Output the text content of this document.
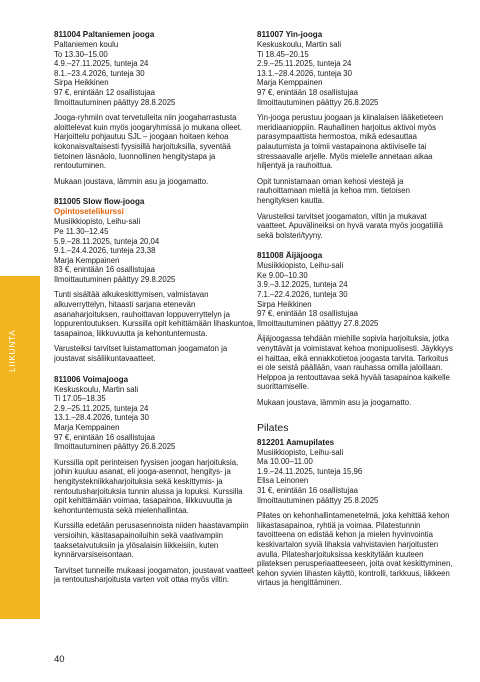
LIIKUNTA
811004 Paltaniemen jooga
Paltaniemen koulu
To 13.30–15.00
4.9.–27.11.2025, tunteja 24
8.1.–23.4.2026, tunteja 30
Sirpa Heikkinen
97 €, enintään 12 osallistujaa
Ilmoittautuminen päättyy 28.8.2025
Jooga-ryhmiin ovat tervetulleita niin joogaharrastusta aloittelevat kuin myös joogaryhmissä jo mukana olleet. Harjoittelu pohjautuu SJL – joogaan hoitaen kehoa kokonaisvaltaisesti fyysisillä harjoituksilla, syventää tietoinen läsnäolo, luonnollinen hengitystapa ja rentoutuminen.
Mukaan joustava, lämmin asu ja joogamatto.
811005 Slow flow-jooga
Opintosetelikurssi
Musiikkiopisto, Leihu-sali
Pe 11.30–12.45
5.9.–28.11.2025, tunteja 20,04
9.1.–24.4.2026, tunteja 23,38
Marja Kemppainen
83 €, enintään 16 osallistujaa
Ilmoittautuminen päättyy 29.8.2025
Tunti sisältää alkukeskittymisen, valmistavan alkuverryttelyn, hitaasti sarjana etenevän asanaharjoituksen, rauhoittavan loppuverryttelyn ja loppurentoutuksen. Kurssilla opit kehittämään lihaskuntoa, tasapainoa, liikkuvuutta ja kehontuntemusta.
Varusteiksi tarvitset luistamattoman joogamaton ja joustavat sisäliikuntavaatteet.
811006 Voimajooga
Keskuskoulu, Martin sali
Ti 17.05–18.35
2.9.–25.11.2025, tunteja 24
13.1.–28.4.2026, tunteja 30
Marja Kemppainen
97 €, enintään 16 osallistujaa
Ilmoittautuminen päättyy 26.8.2025
Kurssilla opit perinteisen fyysisen joogan harjoituksia, joihin kuuluu asanat, eli jooga-asennot, hengitys- ja hengitystekniikkaharjoituksia sekä keskittymis- ja rentoutusharjoituksia tunnin alussa ja lopuksi. Kurssilla opit kehittämään voimaa, tasapainoa, liikkuvuutta ja kehontuntemusta sekä mielenhallintaa.
Kurssilla edetään perusasennoista niiden haastavampiin versioihin, käsitasapainoiluihin sekä vaativampiin taaksetaivutuksiin ja ylösalaisin liikkeisiin, kuten kynnärvarsiseisontaan.
Tarvitset tunneille mukaasi joogamaton, joustavat vaatteet ja rentoutusharjoitusta varten voit ottaa myös viltin.
811007 Yin-jooga
Keskuskoulu, Martin sali
Ti 18.45–20.15
2.9.–25.11.2025, tunteja 24
13.1.–28.4.2026, tunteja 30
Marja Kemppainen
97 €, enintään 18 osallistujaa
Ilmoittautuminen päättyy 26.8.2025
Yin-jooga perustuu joogaan ja kiinalaisen lääketieteen meridiaanioppiin. Rauhallinen harjoitus aktivoi myös parasympaattista hermostoa, mikä edesauttaa palautumista ja toimii vastapainona aktiiviselle tai stressaavalle arjelle. Myös mielelle annetaan aikaa hiljentyä ja rauhoittua.
Opit tunnistamaan oman kehosi viestejä ja rauhoittamaan mieltä ja kehoa mm. tietoisen hengityksen kautta.
Varusteiksi tarvitset joogamaton, viltin ja mukavat vaatteet. Apuvälineiksi on hyvä varata myös joogatiiliä sekä bolsteri/tyyny.
811008 Äijäjooga
Musiikkiopisto, Leihu-sali
Ke 9.00–10.30
3.9.–3.12.2025, tunteja 24
7.1.–22.4.2026, tunteja 30
Sirpa Heikkinen
97 €, enintään 18 osallistujaa
Ilmoittautuminen päättyy 27.8.2025
Äijäjoogassa tehdään miehille sopivia harjoituksia, jotka venyttävät ja voimistavat kehoa monipuolisesti. Jäykkyys ei haittaa, eikä ennakkotietoa joogasta tarvita. Tarkoitus ei ole seistä päällään, vaan rauhassa omilla jaloillaan. Helppoa ja rentouttavaa sekä hyvää tasapainoa kaikelle suorittamiselle.
Mukaan joustava, lämmin asu ja joogamatto.
Pilates
812201 Aamupilates
Musiikkiopisto, Leihu-sali
Ma 10.00–11.00
1.9.–24.11.2025, tunteja 15,96
Elisa Leinonen
31 €, enintään 16 osallistujaa
Ilmoittautuminen päättyy 25.8.2025
Pilates on kehonhallintamenetelmä, joka kehittää kehon liikastasapainoa, ryhtiä ja voimaa. Pilatestunnin tavoitteena on edistää kehon ja mielen hyvinvointia keskivartalon syviä lihaksia vahvistavien harjoitusten avulla. Pilatesharjoituksissa keskitytään kuuteen pilateksen perusperiaatteeseen, joita ovat keskittyminen, kehon syvien lihasten käyttö, kontrolli, tarkkuus, liikkeen virtaus ja hengittäminen.
40
